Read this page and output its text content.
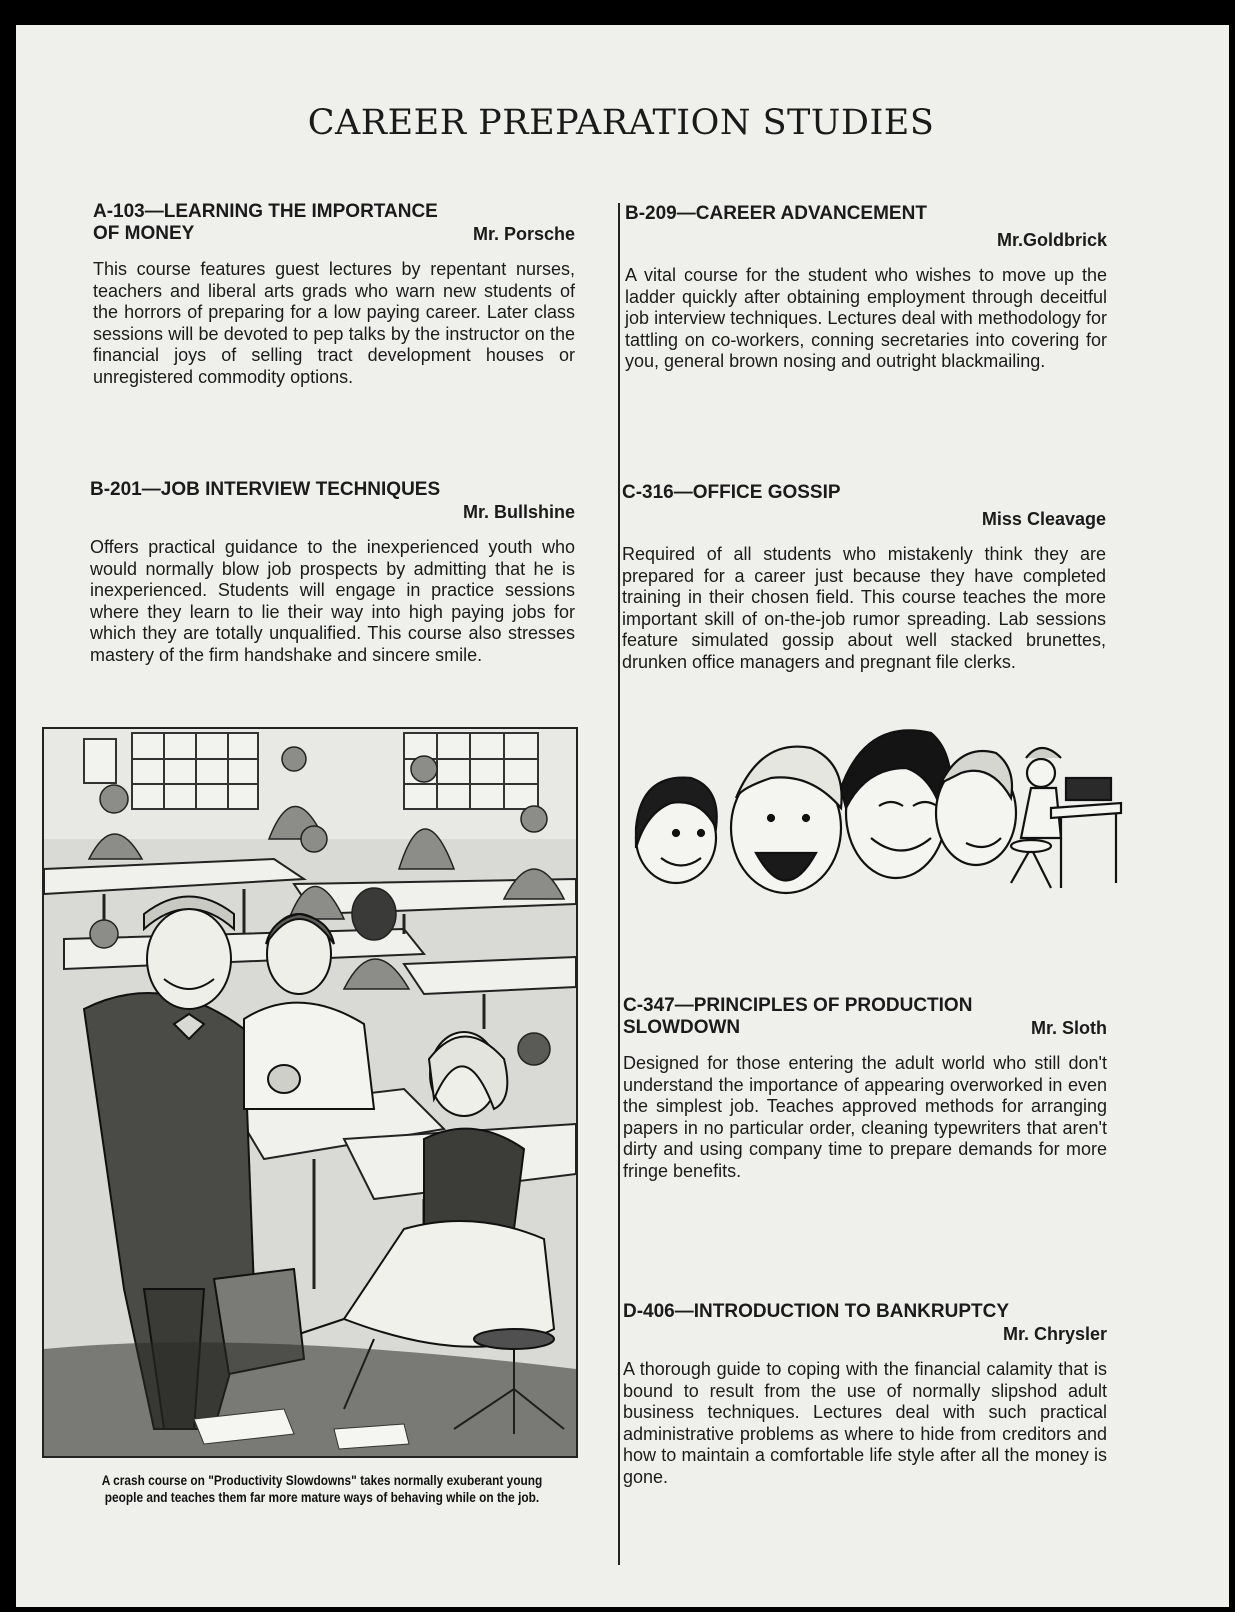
CAREER PREPARATION STUDIES
A-103—LEARNING THE IMPORTANCE
OF MONEY	Mr. Porsche

This course features guest lectures by repentant nurses, teachers and liberal arts grads who warn new students of the horrors of preparing for a low paying career. Later class sessions will be devoted to pep talks by the instructor on the financial joys of selling tract development houses or unregistered commodity options.

B-201—JOB INTERVIEW TECHNIQUES
Mr. Bullshine

Offers practical guidance to the inexperienced youth who would normally blow job prospects by admitting that he is inexperienced. Students will engage in practice sessions where they learn to lie their way into high paying jobs for which they are totally unqualified. This course also stresses mastery of the firm handshake and sincere smile.

B-209—CAREER ADVANCEMENT
Mr.Goldbrick

A vital course for the student who wishes to move up the ladder quickly after obtaining employment through deceitful job interview techniques. Lectures deal with methodology for tattling on co-workers, conning secretaries into covering for you, general brown nosing and outright blackmailing.

C-316—OFFICE GOSSIP
Miss Cleavage

Required of all students who mistakenly think they are prepared for a career just because they have completed training in their chosen field. This course teaches the more important skill of on-the-job rumor spreading. Lab sessions feature simulated gossip about well stacked brunettes, drunken office managers and pregnant file clerks.

C-347—PRINCIPLES OF PRODUCTION
SLOWDOWN	Mr. Sloth

Designed for those entering the adult world who still don't understand the importance of appearing overworked in even the simplest job. Teaches approved methods for arranging papers in no particular order, cleaning typewriters that aren't dirty and using company time to prepare demands for more fringe benefits.

D-406—INTRODUCTION TO BANKRUPTCY
Mr. Chrysler

A thorough guide to coping with the financial calamity that is bound to result from the use of normally slipshod adult business techniques. Lectures deal with such practical administrative problems as where to hide from creditors and how to maintain a comfortable life style after all the money is gone.

A crash course on "Productivity Slowdowns" takes normally exuberant young people and teaches them far more mature ways of behaving while on the job.
